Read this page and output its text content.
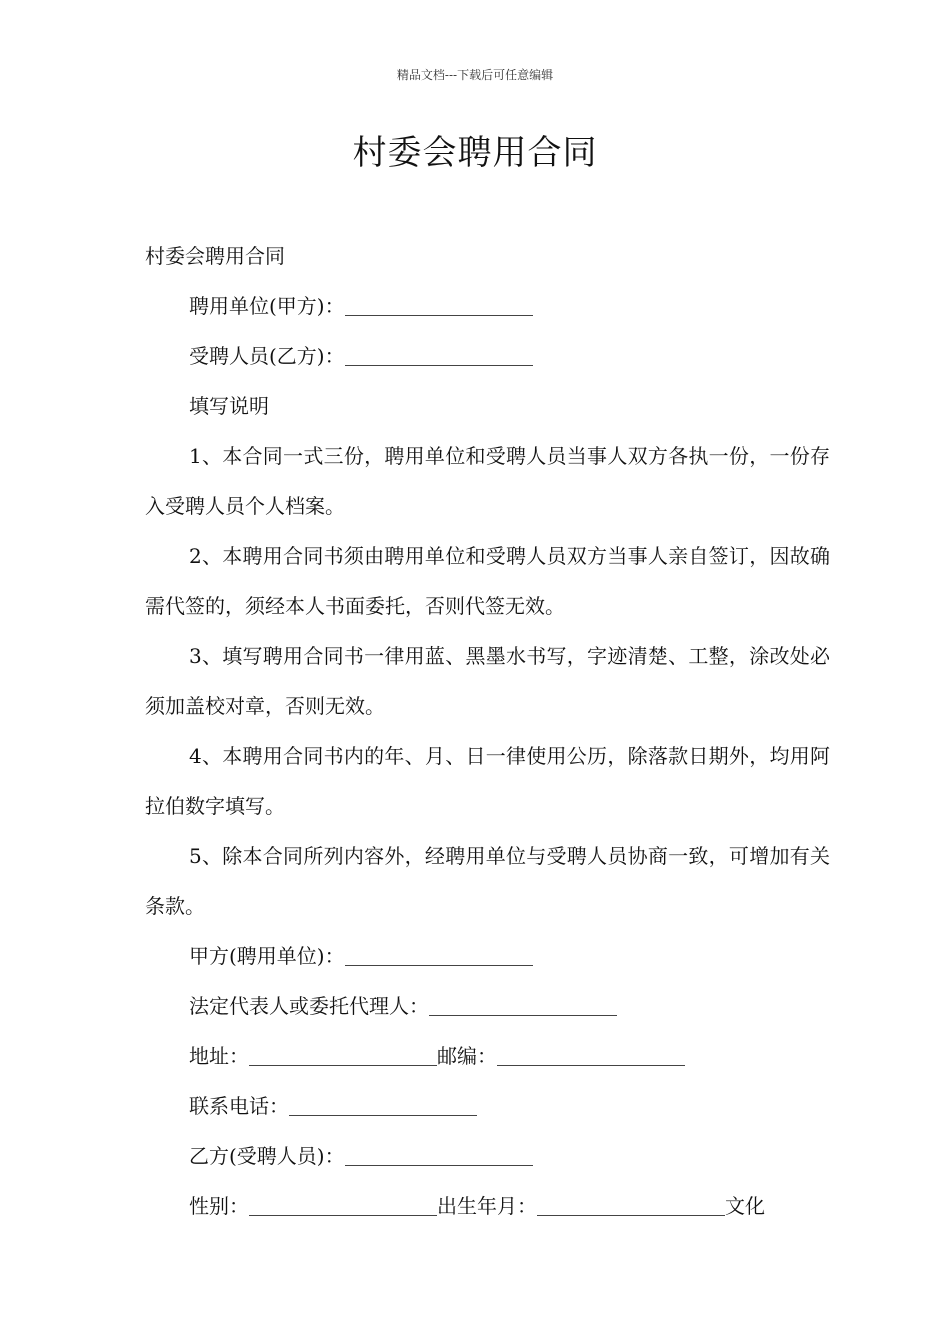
精品文档---下载后可任意编辑
村委会聘用合同
村委会聘用合同
聘用单位(甲方)：
受聘人员(乙方)：
填写说明
1、本合同一式三份，聘用单位和受聘人员当事人双方各执一份，一份存入受聘人员个人档案。
2、本聘用合同书须由聘用单位和受聘人员双方当事人亲自签订，因故确需代签的，须经本人书面委托，否则代签无效。
3、填写聘用合同书一律用蓝、黑墨水书写，字迹清楚、工整，涂改处必须加盖校对章，否则无效。
4、本聘用合同书内的年、月、日一律使用公历，除落款日期外，均用阿拉伯数字填写。
5、除本合同所列内容外，经聘用单位与受聘人员协商一致，可增加有关条款。
甲方(聘用单位)：
法定代表人或委托代理人：
地址：	邮编：
联系电话：
乙方(受聘人员)：
性别：	出生年月：	文化
